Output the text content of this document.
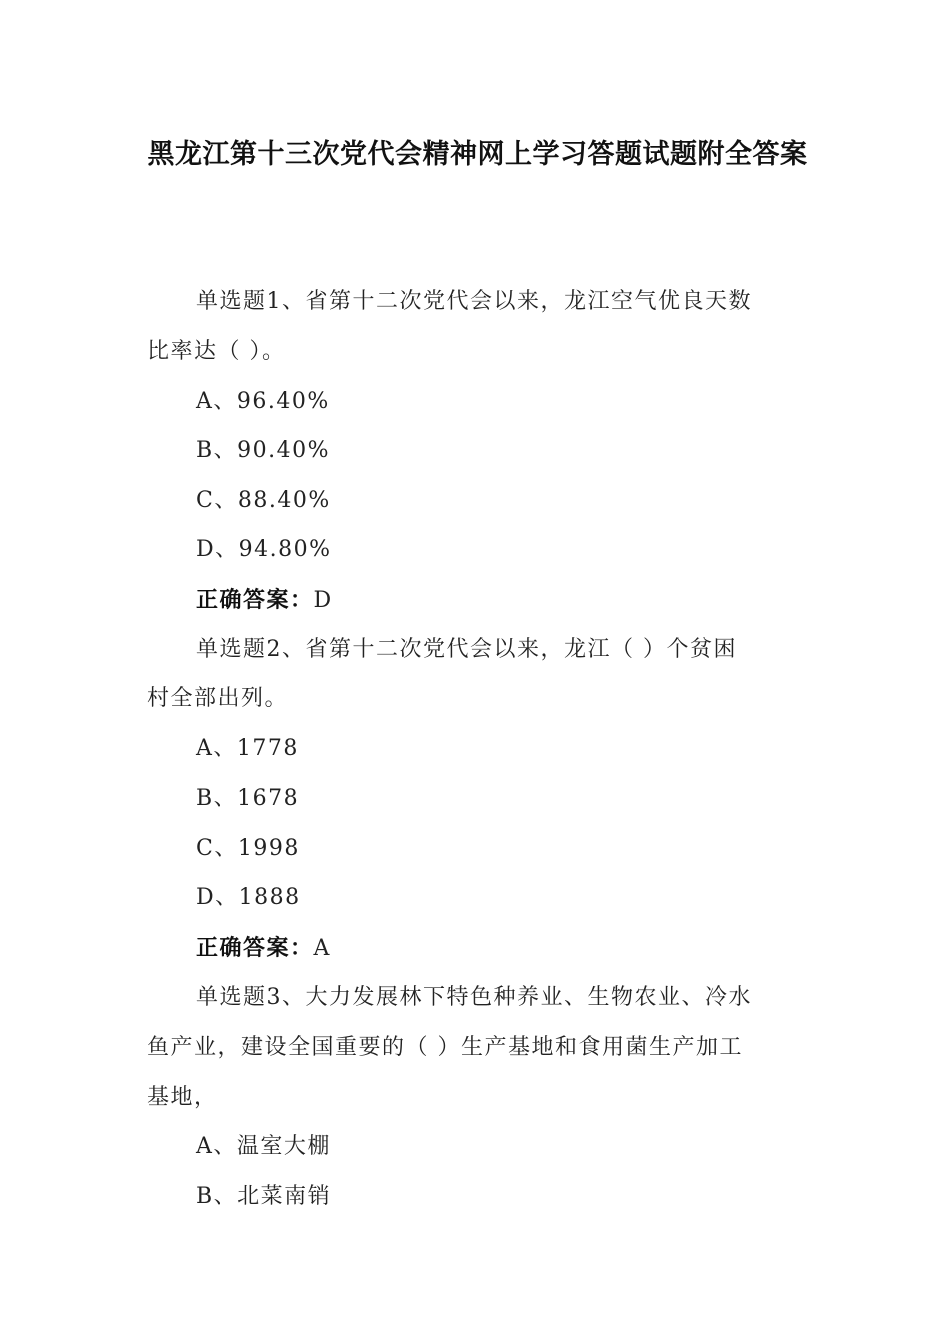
黑龙江第十三次党代会精神网上学习答题试题附全答案
单选题1、省第十二次党代会以来，龙江空气优良天数
比率达（ ）。
A、96.40%
B、90.40%
C、88.40%
D、94.80%
正确答案：D
单选题2、省第十二次党代会以来，龙江（ ）个贫困
村全部出列。
A、1778
B、1678
C、1998
D、1888
正确答案：A
单选题3、大力发展林下特色种养业、生物农业、冷水
鱼产业，建设全国重要的（ ）生产基地和食用菌生产加工
基地，
A、温室大棚
B、北菜南销
